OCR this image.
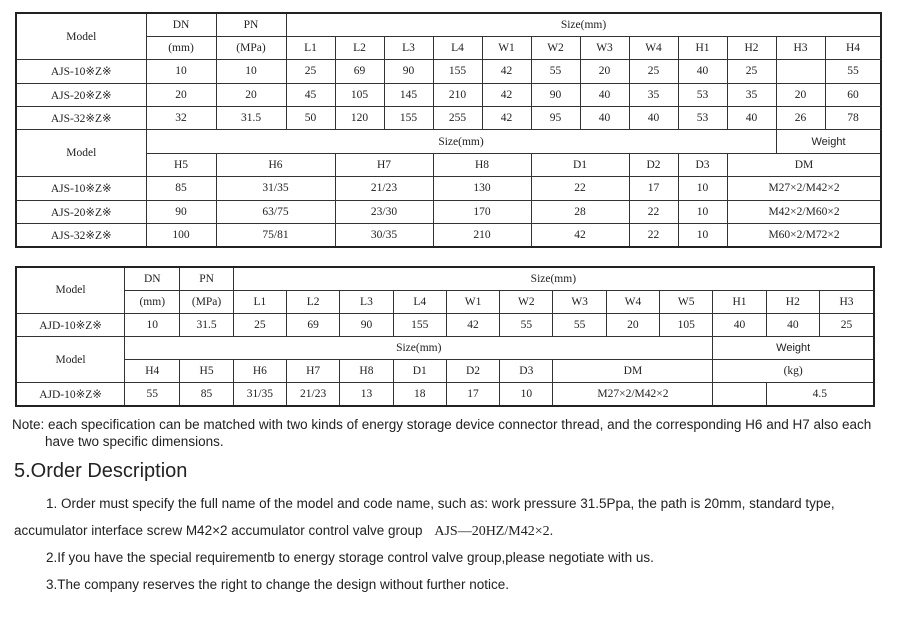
Model	DN	PN	Size(mm)												
	(mm)	(MPa)	L1	L2	L3	L4	W1	W2	W3	W4	H1	H2	H3	H4	
AJS-10※Z※	10	10	25	69	90	155	42	55	20	25	40	25		55	
AJS-20※Z※	20	20	45	105	145	210	42	90	40	35	53	35	20	60	
AJS-32※Z※	32	31.5	50	120	155	255	42	95	40	40	53	40	26	78	
Model	Size(mm)												Weight		
	H5	H6		H7		H8		D1		D2	D3	DM	
AJS-10※Z※	85	31/35		21/23		130		22		17	10	M27×2/M42×2	
AJS-20※Z※	90	63/75		23/30		170		28		22	10	M42×2/M60×2	
AJS-32※Z※	100	75/81		30/35		210		42		22	10	M60×2/M72×2	
Model	DN	PN	Size(mm)											
	(mm)	(MPa)	L1	L2	L3	L4	W1	W2	W3	W4	W5	H1	H2	H3
AJD-10※Z※	10	31.5	25	69	90	155	42	55	55	20	105	40	40	25
Model	Size(mm)											Weight		
	H4	H5	H6	H7	H8	D1	D2	D3	DM			(kg)		
AJD-10※Z※	55	85	31/35	21/23	13	18	17	10	M27×2/M42×2				4.5	
Note: each specification can be matched with two kinds of energy storage device connector thread, and the corresponding H6 and H7 also each
have two specific dimensions.
5.Order Description
1. Order must specify the full name of the model and code name, such as: work pressure 31.5Ppa, the path is 20mm, standard type,
accumulator interface screw M42×2 accumulator control valve group AJS—20HZ/M42×2.
2.If you have the special requirementb to energy storage control valve group,please negotiate with us.
3.The company reserves the right to change the design without further notice.
